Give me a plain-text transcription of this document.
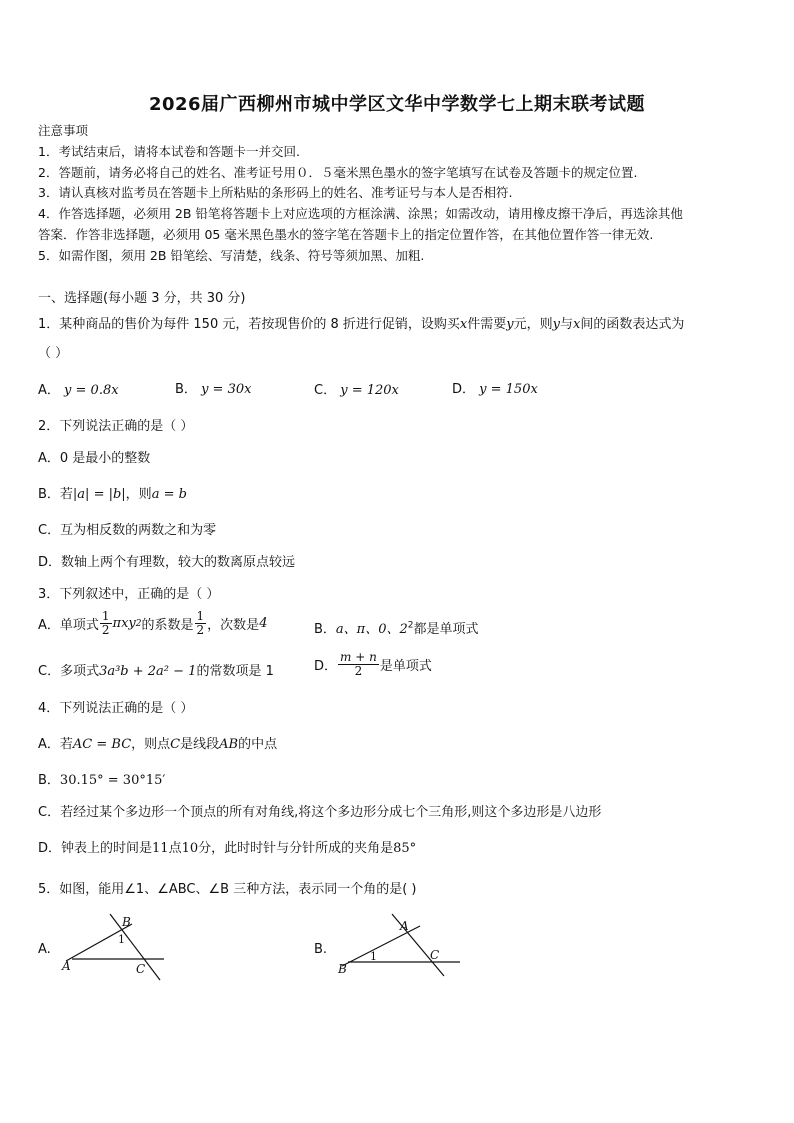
2026届广西柳州市城中学区文华中学数学七上期末联考试题
注意事项
1．考试结束后，请将本试卷和答题卡一并交回.
2．答题前，请务必将自己的姓名、准考证号用０．５毫米黑色墨水的签字笔填写在试卷及答题卡的规定位置.
3．请认真核对监考员在答题卡上所粘贴的条形码上的姓名、准考证号与本人是否相符.
4．作答选择题，必须用 2B 铅笔将答题卡上对应选项的方框涂满、涂黑；如需改动，请用橡皮擦干净后，再选涂其他
答案．作答非选择题，必须用 05 毫米黑色墨水的签字笔在答题卡上的指定位置作答，在其他位置作答一律无效.
5．如需作图，须用 2B 铅笔绘、写清楚，线条、符号等须加黑、加粗.
一、选择题(每小题 3 分，共 30 分)
1．某种商品的售价为每件 150 元，若按现售价的 8 折进行促销，设购买x件需要y元，则y与x间的函数表达式为
（ ）
A． y = 0.8x	B． y = 30x	C． y = 120x	D． y = 150x
2．下列说法正确的是（ ）
A．0 是最小的整数
B．若|a| = |b|，则a = b
C．互为相反数的两数之和为零
D．数轴上两个有理数，较大的数离原点较远
3．下列叙述中，正确的是（ ）
A．单项式 $\frac{1}{2}$ πxy 2 的系数是 $\frac{1}{2}$ ，次数是 4	B．a、π、0、$2^2$都是单项式
C．多项式3a³b + 2a² − 1的常数项是 1	D． $\frac{m + n}{2}$ 是单项式
4．下列说法正确的是（ ）
A．若AC = BC，则点C是线段AB的中点
B．30.15° = 30°15′
C．若经过某个多边形一个顶点的所有对角线,将这个多边形分成七个三角形,则这个多边形是八边形
D．钟表上的时间是11点10分，此时时针与分针所成的夹角是85°
5．如图，能用∠1、∠ABC、∠B 三种方法，表示同一个角的是( )
A.
B
1
A	C
B.
A
1
B
C
